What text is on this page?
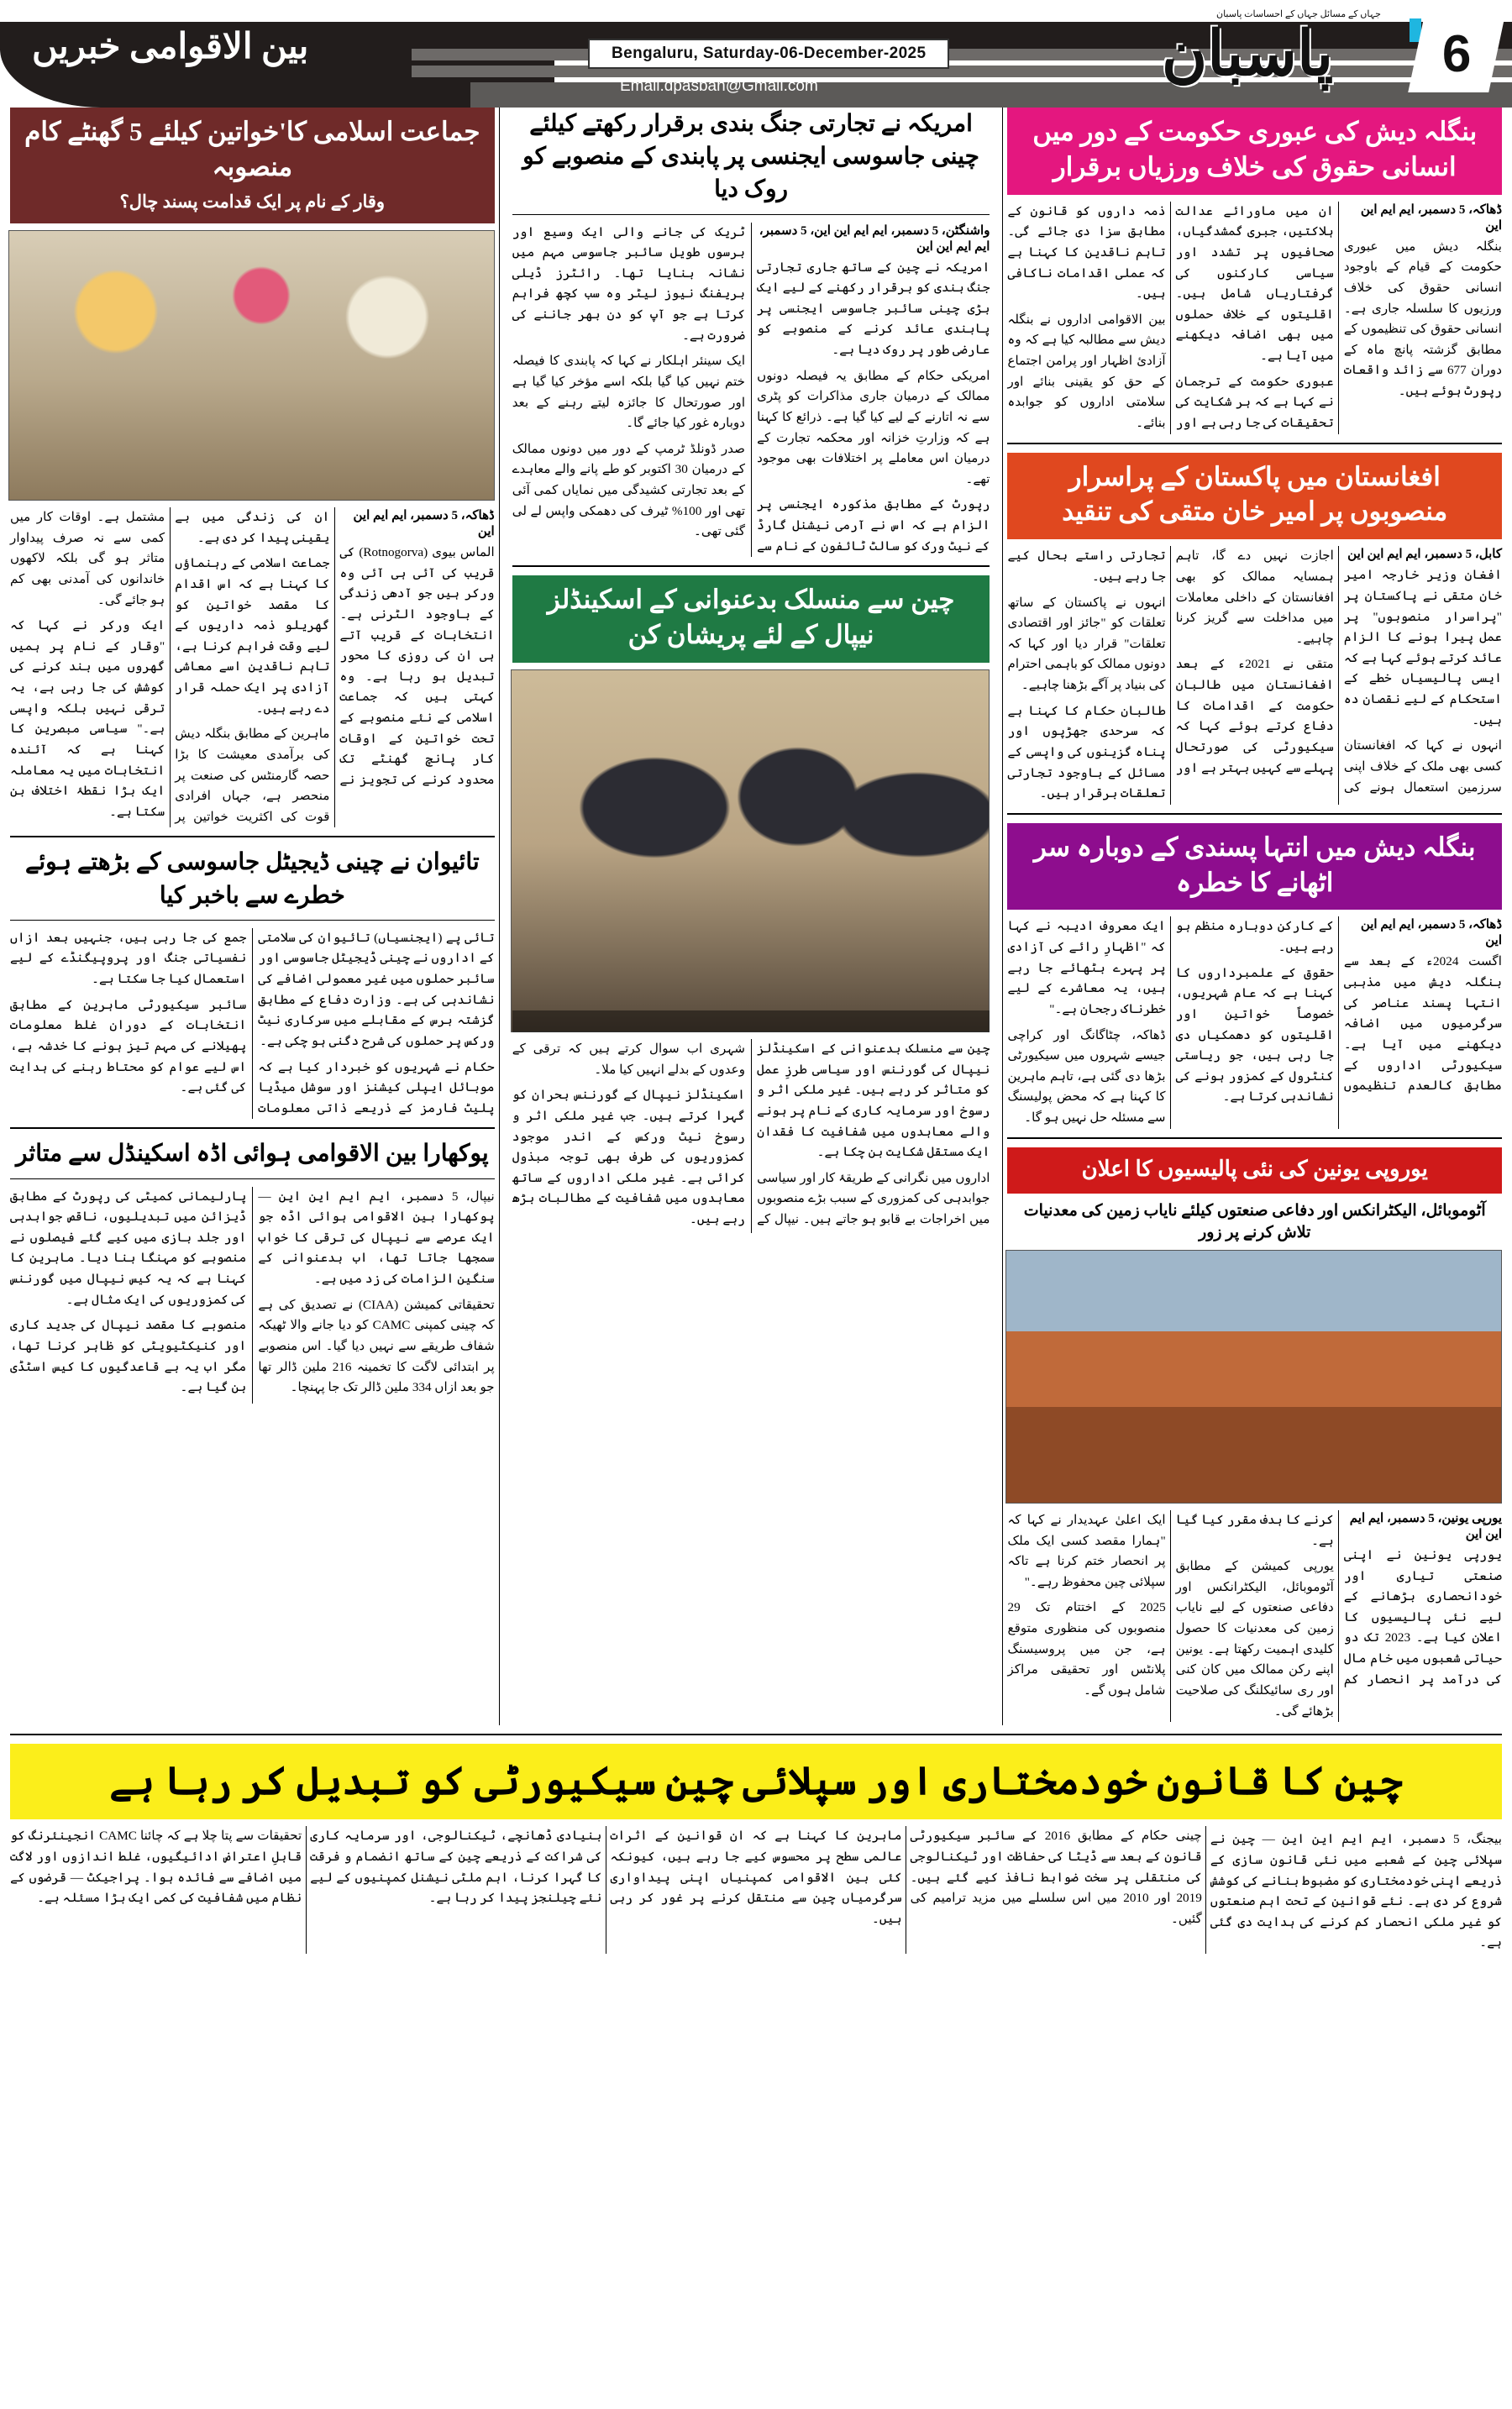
6
جہاں کے مسائل جہاں کے احساسات پاسبان
پاسبان
Bengaluru, Saturday-06-December-2025
Email.dpasban@Gmail.com
بین الاقوامی خبریں
بنگلہ دیش کی عبوری حکومت کے دور میں انسانی حقوق کی خلاف ورزیاں برقرار

ڈھاکہ، 5 دسمبر، ایم ایم این این

بنگلہ دیش میں عبوری حکومت کے قیام کے باوجود انسانی حقوق کی خلاف ورزیوں کا سلسلہ جاری ہے۔ انسانی حقوق کی تنظیموں کے مطابق گزشتہ پانچ ماہ کے دوران 677 سے زائد واقعات رپورٹ ہوئے ہیں۔

ان میں ماورائے عدالت ہلاکتیں، جبری گمشدگیاں، صحافیوں پر تشدد اور سیاسی کارکنوں کی گرفتاریاں شامل ہیں۔ اقلیتوں کے خلاف حملوں میں بھی اضافہ دیکھنے میں آیا ہے۔

عبوری حکومت کے ترجمان نے کہا ہے کہ ہر شکایت کی تحقیقات کی جا رہی ہے اور ذمہ داروں کو قانون کے مطابق سزا دی جائے گی۔ تاہم ناقدین کا کہنا ہے کہ عملی اقدامات ناکافی ہیں۔

بین الاقوامی اداروں نے بنگلہ دیش سے مطالبہ کیا ہے کہ وہ آزادیٔ اظہار اور پرامن اجتماع کے حق کو یقینی بنائے اور سلامتی اداروں کو جوابدہ بنائے۔

افغانستان میں پاکستان کے پراسرار منصوبوں پر امیر خان متقی کی تنقید

کابل، 5 دسمبر، ایم ایم این این

افغان وزیر خارجہ امیر خان متقی نے پاکستان پر "پراسرار منصوبوں" پر عمل پیرا ہونے کا الزام عائد کرتے ہوئے کہا ہے کہ ایسی پالیسیاں خطے کے استحکام کے لیے نقصان دہ ہیں۔

انہوں نے کہا کہ افغانستان کسی بھی ملک کے خلاف اپنی سرزمین استعمال ہونے کی اجازت نہیں دے گا، تاہم ہمسایہ ممالک کو بھی افغانستان کے داخلی معاملات میں مداخلت سے گریز کرنا چاہیے۔

متقی نے 2021ء کے بعد افغانستان میں طالبان حکومت کے اقدامات کا دفاع کرتے ہوئے کہا کہ سیکیورٹی کی صورتحال پہلے سے کہیں بہتر ہے اور تجارتی راستے بحال کیے جا رہے ہیں۔

انہوں نے پاکستان کے ساتھ تعلقات کو "جائز اور اقتصادی تعلقات" قرار دیا اور کہا کہ دونوں ممالک کو باہمی احترام کی بنیاد پر آگے بڑھنا چاہیے۔

طالبان حکام کا کہنا ہے کہ سرحدی جھڑپوں اور پناہ گزینوں کی واپسی کے مسائل کے باوجود تجارتی تعلقات برقرار ہیں۔

بنگلہ دیش میں انتہا پسندی کے دوبارہ سر اٹھانے کا خطرہ

ڈھاکہ، 5 دسمبر، ایم ایم این این

اگست 2024ء کے بعد سے بنگلہ دیش میں مذہبی انتہا پسند عناصر کی سرگرمیوں میں اضافہ دیکھنے میں آیا ہے۔ سیکیورٹی اداروں کے مطابق کالعدم تنظیموں کے کارکن دوبارہ منظم ہو رہے ہیں۔

حقوق کے علمبرداروں کا کہنا ہے کہ عام شہریوں، خصوصاً خواتین اور اقلیتوں کو دھمکیاں دی جا رہی ہیں، جو ریاستی کنٹرول کے کمزور ہونے کی نشاندہی کرتا ہے۔

ایک معروف ادیبہ نے کہا کہ "اظہارِ رائے کی آزادی پر پہرے بٹھائے جا رہے ہیں، یہ معاشرے کے لیے خطرناک رجحان ہے۔"

ڈھاکہ، چٹاگانگ اور کراچی جیسے شہروں میں سیکیورٹی بڑھا دی گئی ہے، تاہم ماہرین کا کہنا ہے کہ محض پولیسنگ سے مسئلہ حل نہیں ہو گا۔

یوروپی یونین کی نئی پالیسیوں کا اعلان

آٹوموبائل، الیکٹرانکس اور دفاعی صنعتوں کیلئے نایاب زمین کی معدنیات تلاش کرنے پر زور

یورپی یونین، 5 دسمبر، ایم ایم این این

یورپی یونین نے اپنی صنعتی تیاری اور خودانحصاری بڑھانے کے لیے نئی پالیسیوں کا اعلان کیا ہے۔ 2023 تک دو حیاتی شعبوں میں خام مال کی درآمد پر انحصار کم کرنے کا ہدف مقرر کیا گیا ہے۔

یورپی کمیشن کے مطابق آٹوموبائل، الیکٹرانکس اور دفاعی صنعتوں کے لیے نایاب زمین کی معدنیات کا حصول کلیدی اہمیت رکھتا ہے۔ یونین اپنے رکن ممالک میں کان کنی اور ری سائیکلنگ کی صلاحیت بڑھائے گی۔

ایک اعلیٰ عہدیدار نے کہا کہ "ہمارا مقصد کسی ایک ملک پر انحصار ختم کرنا ہے تاکہ سپلائی چین محفوظ رہے۔"

2025 کے اختتام تک 29 منصوبوں کی منظوری متوقع ہے، جن میں پروسیسنگ پلانٹس اور تحقیقی مراکز شامل ہوں گے۔

امریکہ نے تجارتی جنگ بندی برقرار رکھتے کیلئے چینی جاسوسی ایجنسی پر پابندی کے منصوبے کو روک دیا

واشنگٹن، 5 دسمبر، ایم ایم این این، 5 دسمبر، ایم ایم این این

امریکہ نے چین کے ساتھ جاری تجارتی جنگ بندی کو برقرار رکھنے کے لیے ایک بڑی چینی سائبر جاسوسی ایجنسی پر پابندی عائد کرنے کے منصوبے کو عارضی طور پر روک دیا ہے۔

امریکی حکام کے مطابق یہ فیصلہ دونوں ممالک کے درمیان جاری مذاکرات کو پٹری سے نہ اتارنے کے لیے کیا گیا ہے۔ ذرائع کا کہنا ہے کہ وزارتِ خزانہ اور محکمہ تجارت کے درمیان اس معاملے پر اختلافات بھی موجود تھے۔

رپورٹ کے مطابق مذکورہ ایجنسی پر الزام ہے کہ اس نے آرمی نیشنل گارڈ کے نیٹ ورک کو سالٹ ٹائفون کے نام سے ٹریک کی جانے والی ایک وسیع اور برسوں طویل سائبر جاسوسی مہم میں نشانہ بنایا تھا۔ رائٹرز ڈیلی بریفنگ نیوز لیٹر وہ سب کچھ فراہم کرتا ہے جو آپ کو دن بھر جاننے کی ضرورت ہے۔

ایک سینئر اہلکار نے کہا کہ پابندی کا فیصلہ ختم نہیں کیا گیا بلکہ اسے مؤخر کیا گیا ہے اور صورتحال کا جائزہ لیتے رہنے کے بعد دوبارہ غور کیا جائے گا۔

صدر ڈونلڈ ٹرمپ کے دور میں دونوں ممالک کے درمیان 30 اکتوبر کو طے پانے والے معاہدے کے بعد تجارتی کشیدگی میں نمایاں کمی آئی تھی اور 100% ٹیرف کی دھمکی واپس لے لی گئی تھی۔

چین سے منسلک بدعنوانی کے اسکینڈلز نیپال کے لئے پریشان کن

چین سے منسلک بدعنوانی کے اسکینڈلز نیپال کی گورننس اور سیاسی طرزِ عمل کو متاثر کر رہے ہیں۔ غیر ملکی اثر و رسوخ اور سرمایہ کاری کے نام پر ہونے والے معاہدوں میں شفافیت کا فقدان ایک مستقل شکایت بن چکا ہے۔

اداروں میں نگرانی کے طریقۂ کار اور سیاسی جوابدہی کی کمزوری کے سبب بڑے منصوبوں میں اخراجات بے قابو ہو جاتے ہیں۔ نیپال کے شہری اب سوال کرتے ہیں کہ ترقی کے وعدوں کے بدلے انہیں کیا ملا۔

اسکینڈلز نیپال کے گورننس بحران کو گہرا کرتے ہیں۔ جب غیر ملکی اثر و رسوخ نیٹ ورکس کے اندر موجود کمزوریوں کی طرف بھی توجہ مبذول کرائی ہے۔ غیر ملکی اداروں کے ساتھ معاہدوں میں شفافیت کے مطالبات بڑھ رہے ہیں۔

جماعت اسلامی کا'خواتین کیلئے 5 گھنٹے کام منصوبہ
وقار کے نام پر ایک قدامت پسند چال؟

ڈھاکہ، 5 دسمبر، ایم ایم این این

الماس بیوی (Rotnogorva) کی قریب کی آئی ہی آئی وہ ورکر ہیں جو آدھی زندگی کے باوجود الٹرنی ہے۔ انتخابات کے قریب آتے ہی ان کی روزی کا محور تبدیل ہو رہا ہے۔ وہ کہتی ہیں کہ جماعت اسلامی کے نئے منصوبے کے تحت خواتین کے اوقات کار پانچ گھنٹے تک محدود کرنے کی تجویز نے ان کی زندگی میں بے یقینی پیدا کر دی ہے۔

جماعت اسلامی کے رہنماؤں کا کہنا ہے کہ اس اقدام کا مقصد خواتین کو گھریلو ذمہ داریوں کے لیے وقت فراہم کرنا ہے، تاہم ناقدین اسے معاشی آزادی پر ایک حملہ قرار دے رہے ہیں۔

ماہرین کے مطابق بنگلہ دیش کی برآمدی معیشت کا بڑا حصہ گارمنٹس کی صنعت پر منحصر ہے، جہاں افرادی قوت کی اکثریت خواتین پر مشتمل ہے۔ اوقات کار میں کمی سے نہ صرف پیداوار متاثر ہو گی بلکہ لاکھوں خاندانوں کی آمدنی بھی کم ہو جائے گی۔

ایک ورکر نے کہا کہ "وقار کے نام پر ہمیں گھروں میں بند کرنے کی کوشش کی جا رہی ہے، یہ ترقی نہیں بلکہ واپسی ہے۔" سیاسی مبصرین کا کہنا ہے کہ آئندہ انتخابات میں یہ معاملہ ایک بڑا نقطۂ اختلاف بن سکتا ہے۔

تائیوان نے چینی ڈیجیٹل جاسوسی کے بڑھتے ہوئے خطرے سے باخبر کیا

تائی پے (ایجنسیاں) تائیوان کی سلامتی کے اداروں نے چینی ڈیجیٹل جاسوسی اور سائبر حملوں میں غیر معمولی اضافے کی نشاندہی کی ہے۔ وزارت دفاع کے مطابق گزشتہ برس کے مقابلے میں سرکاری نیٹ ورکس پر حملوں کی شرح دگنی ہو چکی ہے۔

حکام نے شہریوں کو خبردار کیا ہے کہ موبائل ایپلی کیشنز اور سوشل میڈیا پلیٹ فارمز کے ذریعے ذاتی معلومات جمع کی جا رہی ہیں، جنہیں بعد ازاں نفسیاتی جنگ اور پروپیگنڈے کے لیے استعمال کیا جا سکتا ہے۔

سائبر سیکیورٹی ماہرین کے مطابق انتخابات کے دوران غلط معلومات پھیلانے کی مہم تیز ہونے کا خدشہ ہے، اس لیے عوام کو محتاط رہنے کی ہدایت کی گئی ہے۔

پوکھارا بین الاقوامی ہوائی اڈہ اسکینڈل سے متاثر

نیپال، 5 دسمبر، ایم ایم این این — پوکھارا بین الاقوامی ہوائی اڈہ جو ایک عرصے سے نیپال کی ترقی کا خواب سمجھا جاتا تھا، اب بدعنوانی کے سنگین الزامات کی زد میں ہے۔

تحقیقاتی کمیشن (CIAA) نے تصدیق کی ہے کہ چینی کمپنی CAMC کو دیا جانے والا ٹھیکہ شفاف طریقے سے نہیں دیا گیا۔ اس منصوبے پر ابتدائی لاگت کا تخمینہ 216 ملین ڈالر تھا جو بعد ازاں 334 ملین ڈالر تک جا پہنچا۔

پارلیمانی کمیٹی کی رپورٹ کے مطابق ڈیزائن میں تبدیلیوں، ناقص جوابدہی اور جلد بازی میں کیے گئے فیصلوں نے منصوبے کو مہنگا بنا دیا۔ ماہرین کا کہنا ہے کہ یہ کیس نیپال میں گورننس کی کمزوریوں کی ایک مثال ہے۔

منصوبے کا مقصد نیپال کی جدید کاری اور کنیکٹیویٹی کو ظاہر کرنا تھا، مگر اب یہ بے قاعدگیوں کا کیس اسٹڈی بن گیا ہے۔

چین کا قانون خودمختاری اور سپلائی چین سیکیورٹی کو تبدیل کر رہا ہے

بیجنگ، 5 دسمبر، ایم ایم این این — چین نے سپلائی چین کے شعبے میں نئی قانون سازی کے ذریعے اپنی خودمختاری کو مضبوط بنانے کی کوشش شروع کر دی ہے۔ نئے قوانین کے تحت اہم صنعتوں کو غیر ملکی انحصار کم کرنے کی ہدایت دی گئی ہے۔

چینی حکام کے مطابق 2016 کے سائبر سیکیورٹی قانون کے بعد سے ڈیٹا کی حفاظت اور ٹیکنالوجی کی منتقلی پر سخت ضوابط نافذ کیے گئے ہیں۔ 2019 اور 2010 میں اس سلسلے میں مزید ترامیم کی گئیں۔

ماہرین کا کہنا ہے کہ ان قوانین کے اثرات عالمی سطح پر محسوس کیے جا رہے ہیں، کیونکہ کئی بین الاقوامی کمپنیاں اپنی پیداواری سرگرمیاں چین سے منتقل کرنے پر غور کر رہی ہیں۔

بنیادی ڈھانچے، ٹیکنالوجی، اور سرمایہ کاری کی شراکت کے ذریعے چین کے ساتھ انضمام و فرقت کا گہرا کرنا، اہم ملٹی نیشنل کمپنیوں کے لیے نئے چیلنجز پیدا کر رہا ہے۔

تحقیقات سے پتا چلا ہے کہ چائنا CAMC انجینئرنگ کو قابلِ اعتراض ادائیگیوں، غلط اندازوں اور لاگت میں اضافے سے فائدہ ہوا۔ پراجیکٹ — قرضوں کے نظام میں شفافیت کی کمی ایک بڑا مسئلہ ہے۔
